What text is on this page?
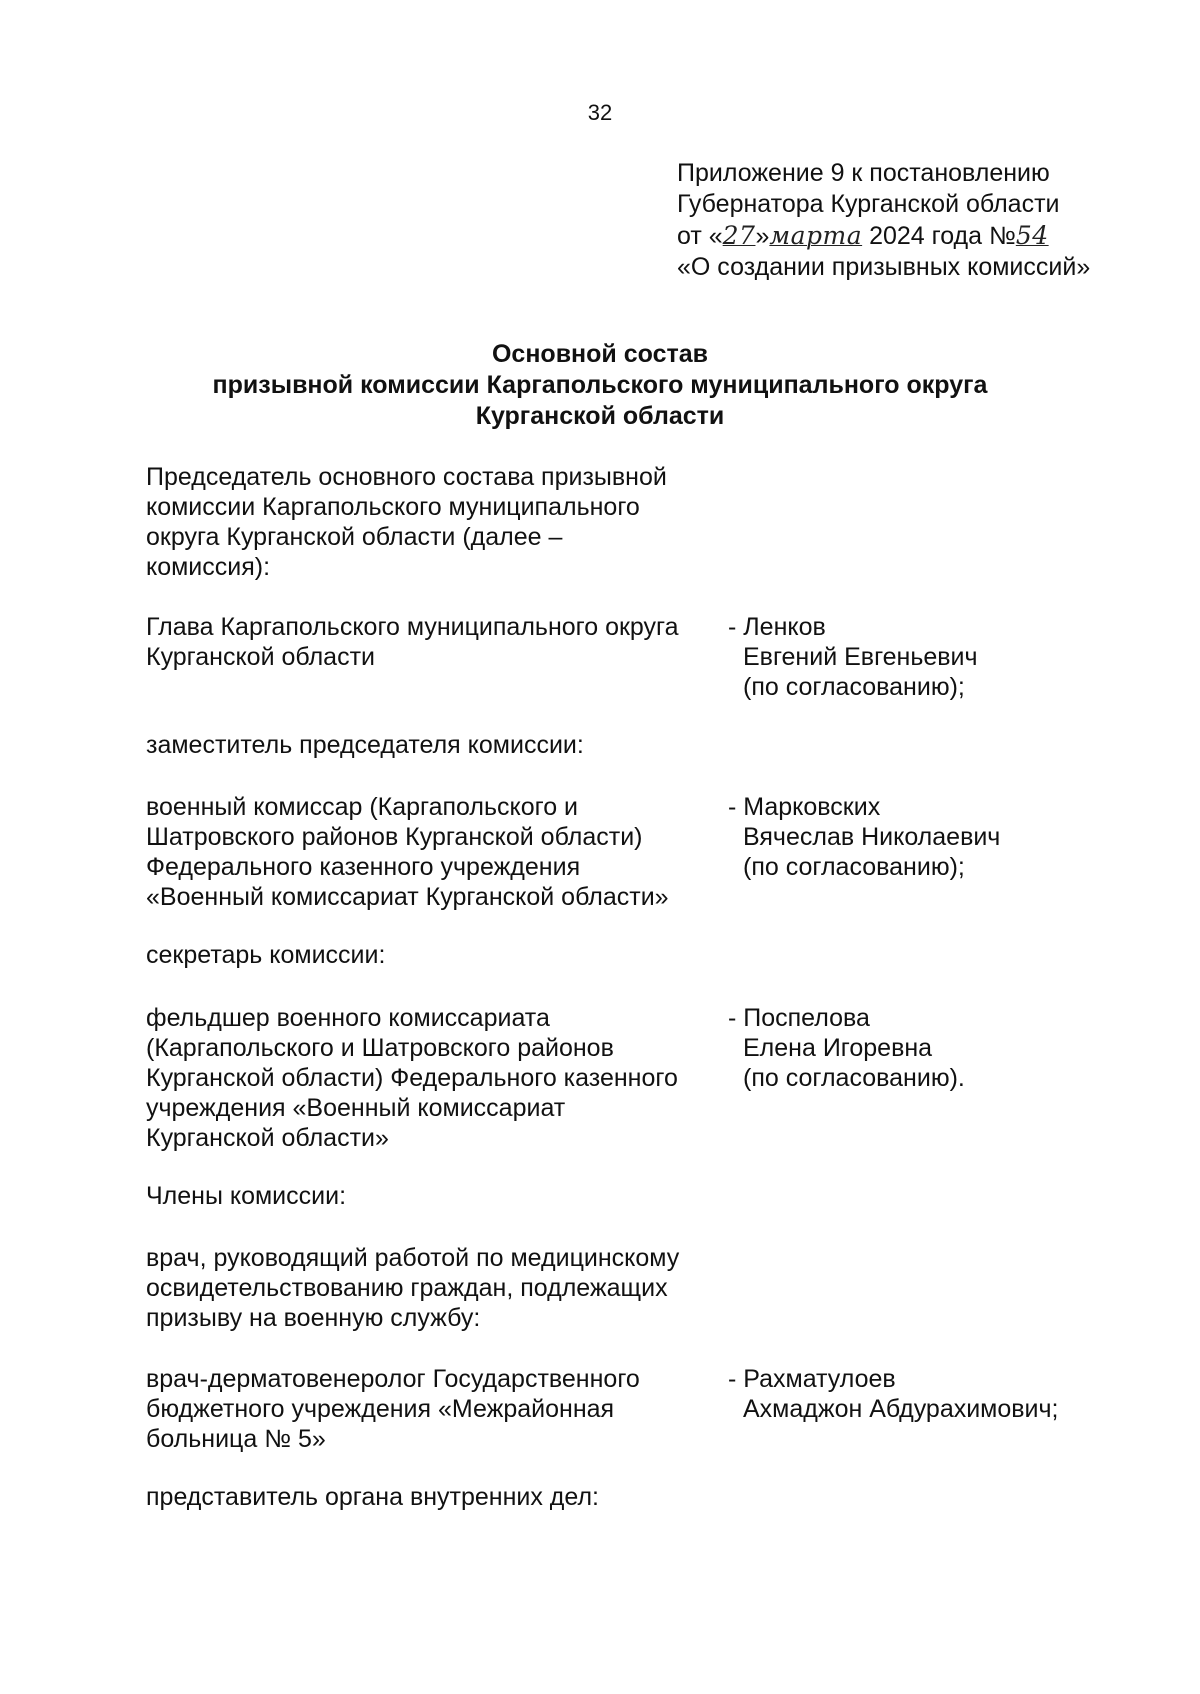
32
Приложение 9 к постановлению
Губернатора Курганской области
от «27»марта 2024 года №54
«О создании призывных комиссий»
Основной состав
призывной комиссии Каргапольского муниципального округа
Курганской области
Председатель основного состава призывной
комиссии Каргапольского муниципального
округа Курганской области (далее –
комиссия):
Глава Каргапольского муниципального округа
Курганской области
- Ленков
Евгений Евгеньевич
(по согласованию);
заместитель председателя комиссии:
военный комиссар (Каргапольского и
Шатровского районов Курганской области)
Федерального казенного учреждения
«Военный комиссариат Курганской области»
- Марковских
Вячеслав Николаевич
(по согласованию);
секретарь комиссии:
фельдшер военного комиссариата
(Каргапольского и Шатровского районов
Курганской области) Федерального казенного
учреждения «Военный комиссариат
Курганской области»
- Поспелова
Елена Игоревна
(по согласованию).
Члены комиссии:
врач, руководящий работой по медицинскому
освидетельствованию граждан, подлежащих
призыву на военную службу:
врач-дерматовенеролог Государственного
бюджетного учреждения «Межрайонная
больница № 5»
- Рахматулоев
Ахмаджон Абдурахимович;
представитель органа внутренних дел:
